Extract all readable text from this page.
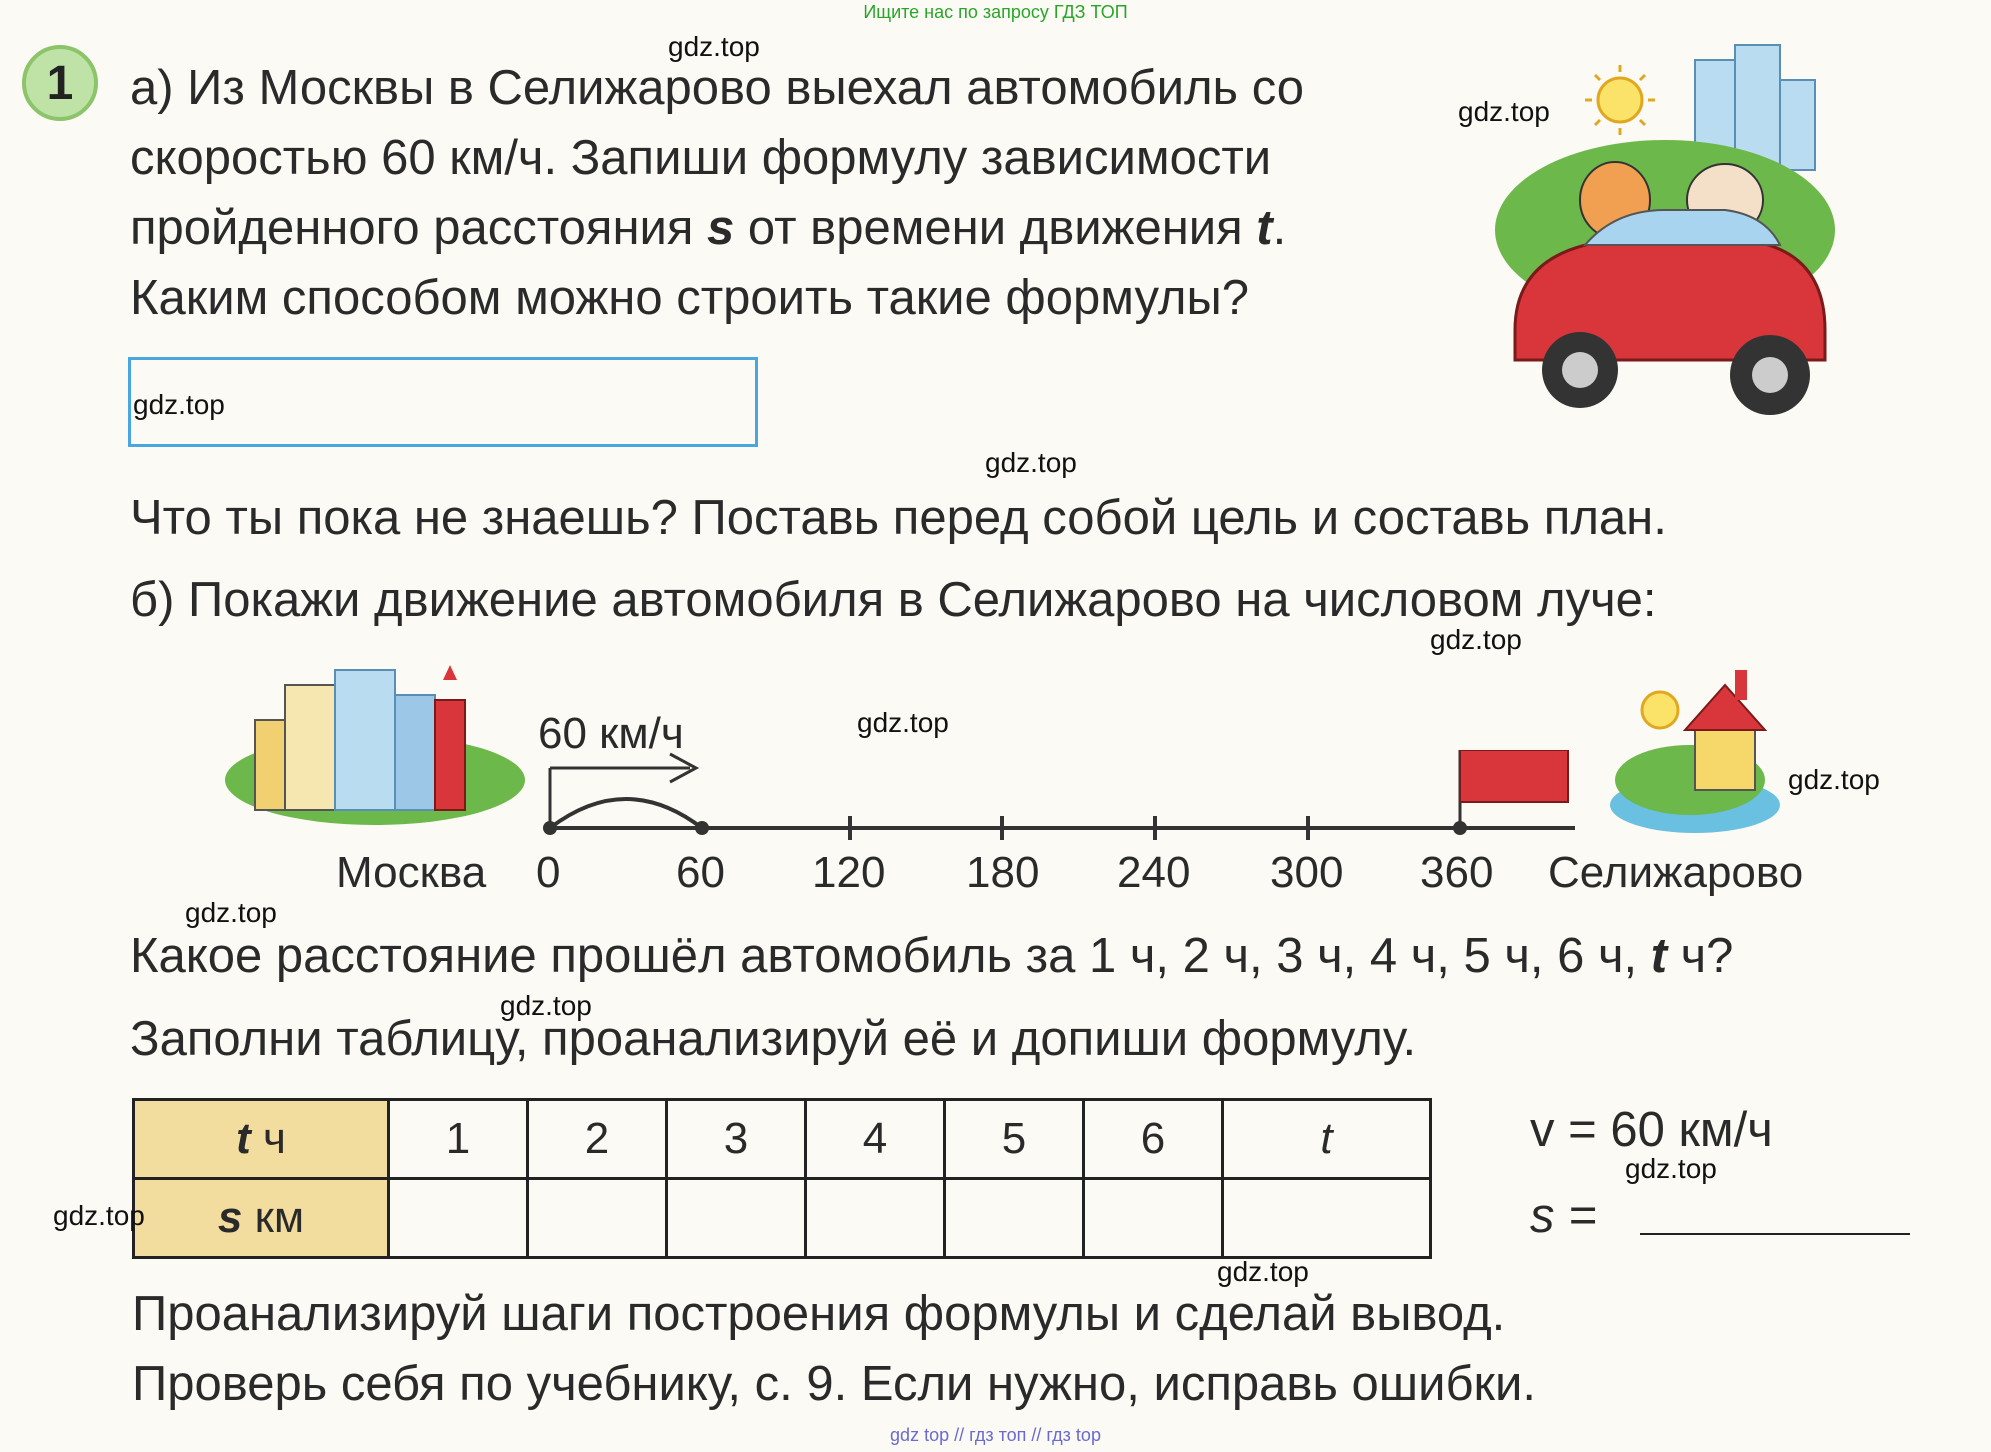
Ищите нас по запросу ГДЗ ТОП
1	а) Из Москвы в Селижарово выехал автомобиль со
скоростью 60 км/ч. Запиши формулу зависимости
пройденного расстояния s от времени движения t.
Каким способом можно строить такие формулы?
Что ты пока не знаешь? Поставь перед собой цель и составь план.
б) Покажи движение автомобиля в Селижарово на числовом луче:
60 км/ч
Москва	Селижарово
0	60 120 180 240 300 360
Какое расстояние прошёл автомобиль за 1 ч, 2 ч, 3 ч, 4 ч, 5 ч, 6 ч, t ч?
Заполни таблицу, проанализируй её и допиши формулу.
t ч	1	2	3	4	5	6	t
s км							
v = 60 км/ч
s =
Проанализируй шаги построения формулы и сделай вывод.
Проверь себя по учебнику, с. 9. Если нужно, исправь ошибки.
gdz top // гдз топ // гдз top
gdz.top
gdz.top
gdz.top
gdz.top
gdz.top
gdz.top
gdz.top
gdz.top
gdz.top
gdz.top
gdz.top
gdz.top
